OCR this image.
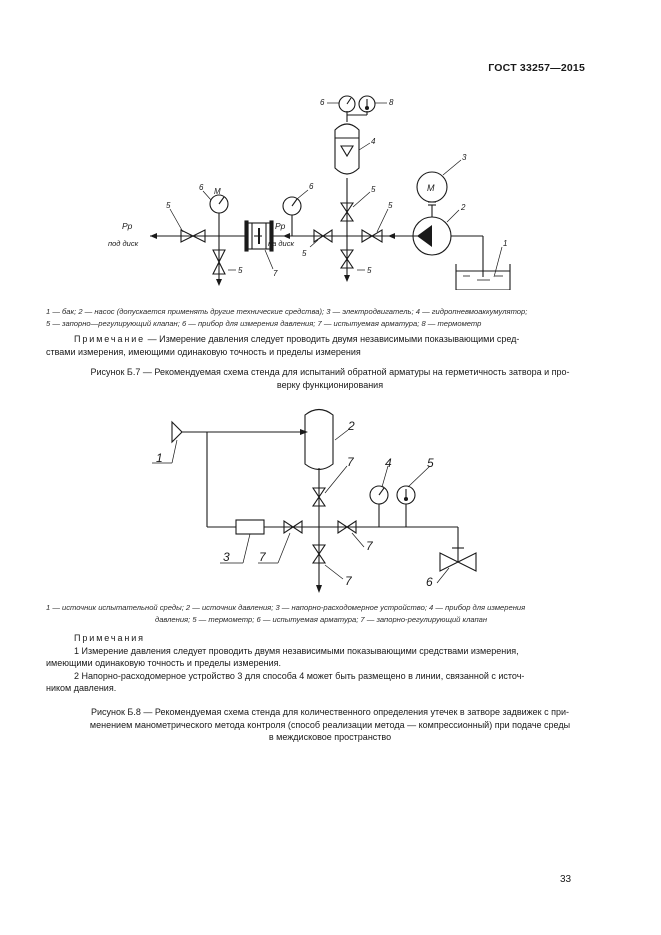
ГОСТ 33257—2015
Pp
под диск
Pp
на диск
М	М
5
6
5	7
6
5
6	8
4
5
5
5	2
3
1
1 — бак; 2 — насос (допускается применять другие технические средства); 3 — электродвигатель; 4 — гидропневмоаккумулятор;
5 — запорно—регулирующий клапан; 6 — прибор для измерения давления; 7 — испытуемая арматура; 8 — термометр
Примечание — Измерение давления следует проводить двумя независимыми показывающими сред-
ствами измерения, имеющими одинаковую точность и пределы измерения
Рисунок Б.7 — Рекомендуемая схема стенда для испытаний обратной арматуры на герметичность затвора и про-
верку функционирования
1
2
3
4	5
6
7
7
7
7
1 — источник испытательной среды; 2 — источник давления; 3 — напорно-расходомерное устройство; 4 — прибор для измерения
давления; 5 — термометр; 6 — испытуемая арматура; 7 — запорно-регулирующий клапан
Примечания
1 Измерение давления следует проводить двумя независимыми показывающими средствами измерения,
имеющими одинаковую точность и пределы измерения.
2 Напорно-расходомерное устройство 3 для способа 4 может быть размещено в линии, связанной с источ-
ником давления.
Рисунок Б.8 — Рекомендуемая схема стенда для количественного определения утечек в затворе задвижек с при-
менением манометрического метода контроля (способ реализации метода — компрессионный) при подаче среды
в междисковое пространство
33
